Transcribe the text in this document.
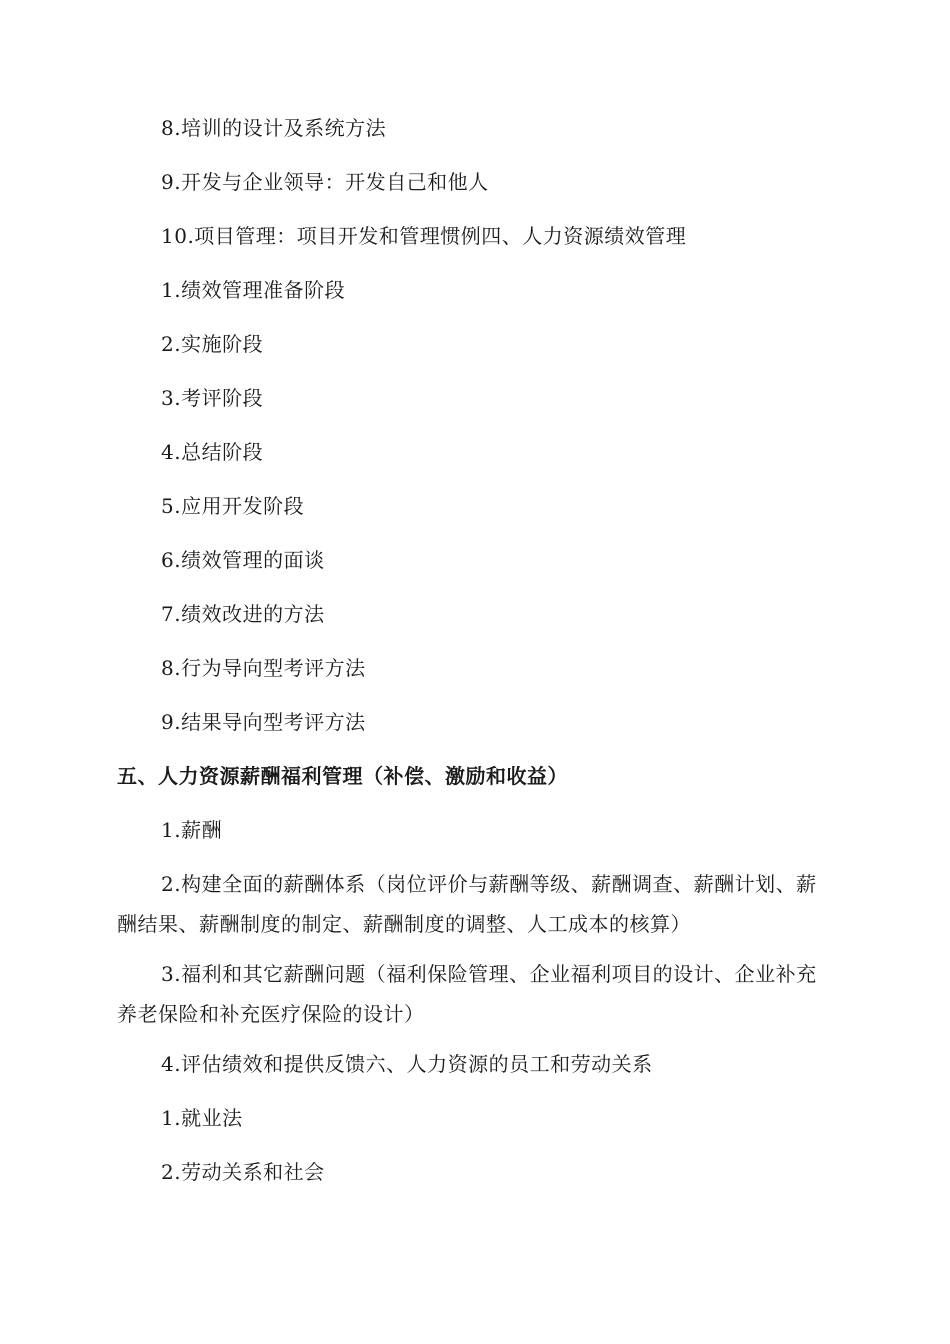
8.培训的设计及系统方法

9.开发与企业领导：开发自己和他人

10.项目管理：项目开发和管理惯例四、人力资源绩效管理

1.绩效管理准备阶段

2.实施阶段

3.考评阶段

4.总结阶段

5.应用开发阶段

6.绩效管理的面谈

7.绩效改进的方法

8.行为导向型考评方法

9.结果导向型考评方法

五、人力资源薪酬福利管理（补偿、激励和收益）

1.薪酬

2.构建全面的薪酬体系（岗位评价与薪酬等级、薪酬调查、薪酬计划、薪酬结果、薪酬制度的制定、薪酬制度的调整、人工成本的核算）

3.福利和其它薪酬问题（福利保险管理、企业福利项目的设计、企业补充养老保险和补充医疗保险的设计）

4.评估绩效和提供反馈六、人力资源的员工和劳动关系

1.就业法

2.劳动关系和社会
